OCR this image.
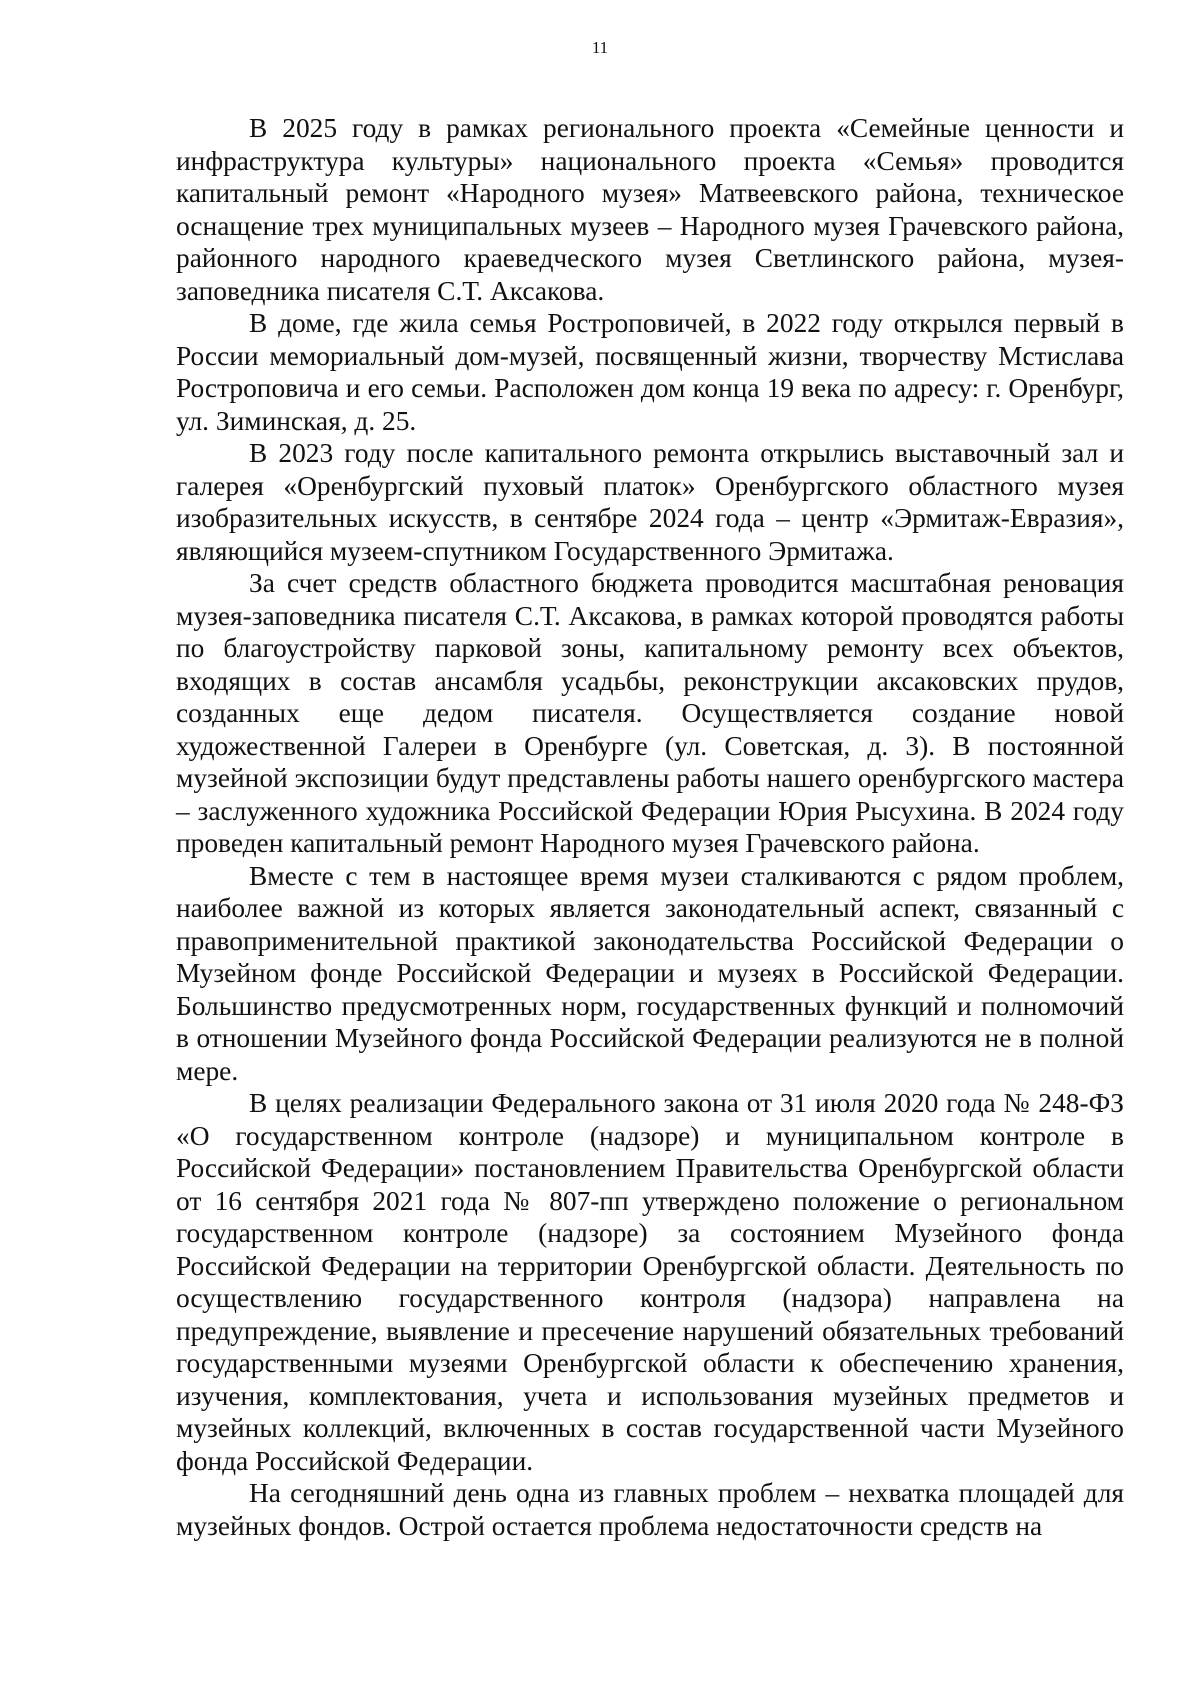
11

В 2025 году в рамках регионального проекта «Семейные ценности и инфраструктура культуры» национального проекта «Семья» проводится капитальный ремонт «Народного музея» Матвеевского района, техническое оснащение трех муниципальных музеев – Народного музея Грачевского района, районного народного краеведческого музея Светлинского района, музея-заповедника писателя С.Т. Аксакова.

В доме, где жила семья Ростроповичей, в 2022 году открылся первый в России мемориальный дом-музей, посвященный жизни, творчеству Мстислава Ростроповича и его семьи. Расположен дом конца 19 века по адресу: г. Оренбург, ул. Зиминская, д. 25.

В 2023 году после капитального ремонта открылись выставочный зал и галерея «Оренбургский пуховый платок» Оренбургского областного музея изобразительных искусств, в сентябре 2024 года – центр «Эрмитаж-Евразия», являющийся музеем-спутником Государственного Эрмитажа.

За счет средств областного бюджета проводится масштабная реновация музея-заповедника писателя С.Т. Аксакова, в рамках которой проводятся работы по благоустройству парковой зоны, капитальному ремонту всех объектов, входящих в состав ансамбля усадьбы, реконструкции аксаковских прудов, созданных еще дедом писателя. Осуществляется создание новой художественной Галереи в Оренбурге (ул. Советская, д. 3). В постоянной музейной экспозиции будут представлены работы нашего оренбургского мастера – заслуженного художника Российской Федерации Юрия Рысухина. В 2024 году проведен капитальный ремонт Народного музея Грачевского района.

Вместе с тем в настоящее время музеи сталкиваются с рядом проблем, наиболее важной из которых является законодательный аспект, связанный с правоприменительной практикой законодательства Российской Федерации о Музейном фонде Российской Федерации и музеях в Российской Федерации. Большинство предусмотренных норм, государственных функций и полномочий в отношении Музейного фонда Российской Федерации реализуются не в полной мере.

В целях реализации Федерального закона от 31 июля 2020 года № 248-ФЗ «О государственном контроле (надзоре) и муниципальном контроле в Российской Федерации» постановлением Правительства Оренбургской области от 16 сентября 2021 года № 807-пп утверждено положение о региональном государственном контроле (надзоре) за состоянием Музейного фонда Российской Федерации на территории Оренбургской области. Деятельность по осуществлению государственного контроля (надзора) направлена на предупреждение, выявление и пресечение нарушений обязательных требований государственными музеями Оренбургской области к обеспечению хранения, изучения, комплектования, учета и использования музейных предметов и музейных коллекций, включенных в состав государственной части Музейного фонда Российской Федерации.

На сегодняшний день одна из главных проблем – нехватка площадей для музейных фондов. Острой остается проблема недостаточности средств на
